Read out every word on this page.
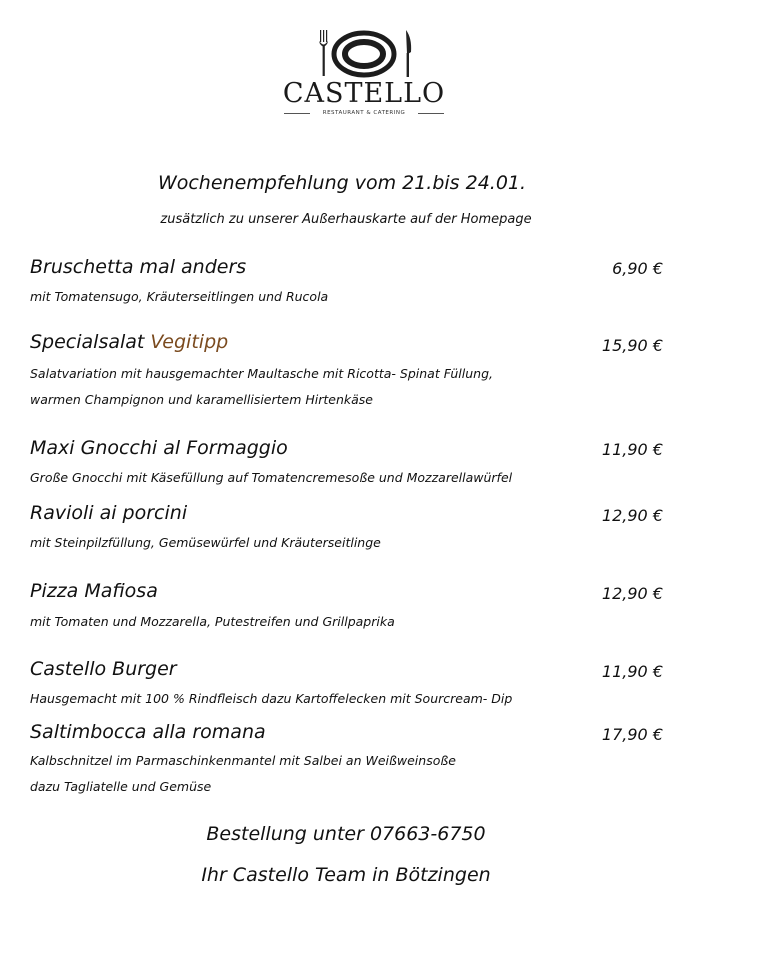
CASTELLO
RESTAURANT & CATERING
Wochenempfehlung vom 21.bis 24.01.
zusätzlich zu unserer Außerhauskarte auf der Homepage
Bruschetta mal anders	6,90 €
mit Tomatensugo, Kräuterseitlingen und Rucola
Specialsalat Vegitipp	15,90 €
Salatvariation mit hausgemachter Maultasche mit Ricotta- Spinat Füllung,
warmen Champignon und karamellisiertem Hirtenkäse
Maxi Gnocchi al Formaggio	11,90 €
Große Gnocchi mit Käsefüllung auf Tomatencremesoße und Mozzarellawürfel
Ravioli ai porcini	12,90 €
mit Steinpilzfüllung, Gemüsewürfel und Kräuterseitlinge
Pizza Mafiosa	12,90 €
mit Tomaten und Mozzarella, Putestreifen und Grillpaprika
Castello Burger	11,90 €
Hausgemacht mit 100 % Rindfleisch dazu Kartoffelecken mit Sourcream- Dip
Saltimbocca alla romana	17,90 €
Kalbschnitzel im Parmaschinkenmantel mit Salbei an Weißweinsoße
dazu Tagliatelle und Gemüse
Bestellung unter 07663-6750
Ihr Castello Team in Bötzingen
